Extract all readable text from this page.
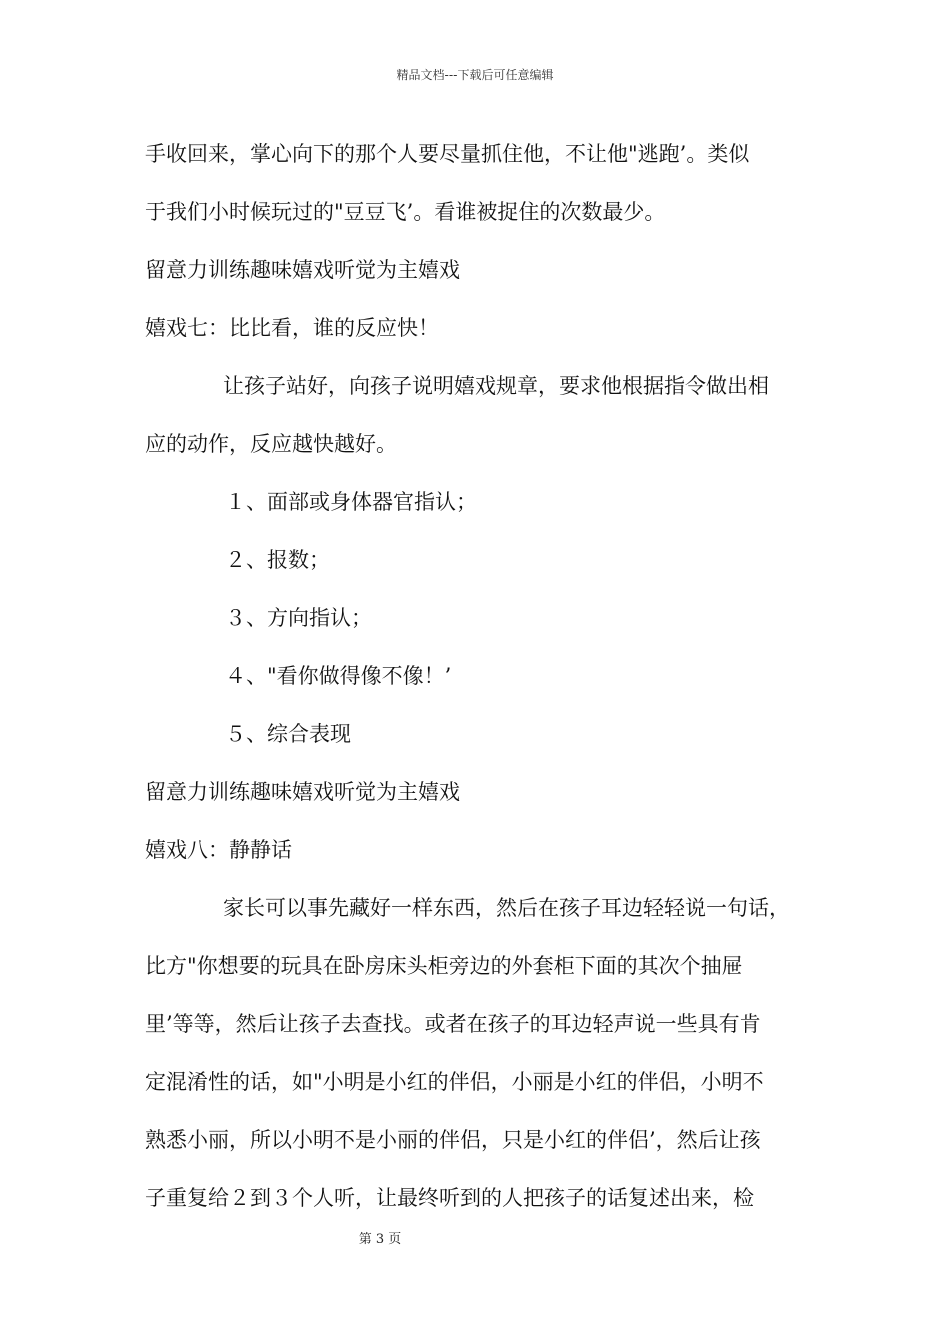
精品文档---下载后可任意编辑

手收回来，掌心向下的那个人要尽量抓住他，不让他"逃跑’。类似

于我们小时候玩过的"豆豆飞’。看谁被捉住的次数最少。

留意力训练趣味嬉戏听觉为主嬉戏

嬉戏七：比比看，谁的反应快！

让孩子站好，向孩子说明嬉戏规章，要求他根据指令做出相

应的动作，反应越快越好。

１、面部或身体器官指认；

２、报数；

３、方向指认；

４、"看你做得像不像！’

５、综合表现

留意力训练趣味嬉戏听觉为主嬉戏

嬉戏八：静静话

家长可以事先藏好一样东西，然后在孩子耳边轻轻说一句话，

比方"你想要的玩具在卧房床头柜旁边的外套柜下面的其次个抽屉

里’等等，然后让孩子去查找。或者在孩子的耳边轻声说一些具有肯

定混淆性的话，如"小明是小红的伴侣，小丽是小红的伴侣，小明不

熟悉小丽，所以小明不是小丽的伴侣，只是小红的伴侣’，然后让孩

子重复给２到３个人听，让最终听到的人把孩子的话复述出来，检

第 3 页
